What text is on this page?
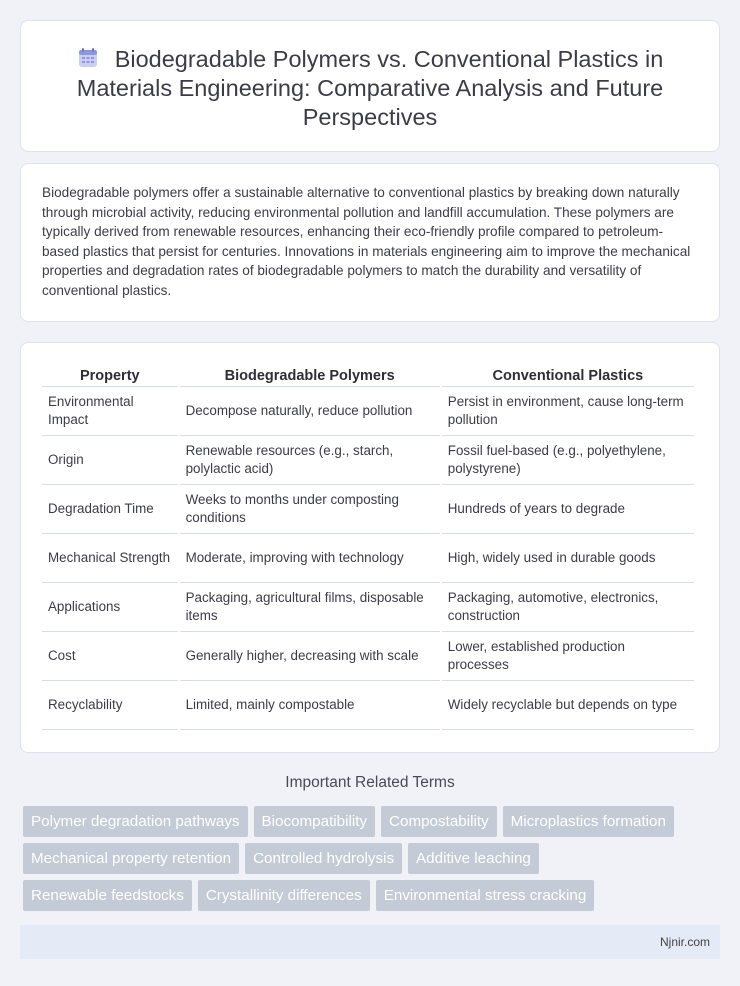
Biodegradable Polymers vs. Conventional Plastics in Materials Engineering: Comparative Analysis and Future Perspectives

Biodegradable polymers offer a sustainable alternative to conventional plastics by breaking down naturally through microbial activity, reducing environmental pollution and landfill accumulation. These polymers are typically derived from renewable resources, enhancing their eco-friendly profile compared to petroleum-based plastics that persist for centuries. Innovations in materials engineering aim to improve the mechanical properties and degradation rates of biodegradable polymers to match the durability and versatility of conventional plastics.

Property	Biodegradable Polymers	Conventional Plastics
Environmental Impact	Decompose naturally, reduce pollution	Persist in environment, cause long-term pollution
Origin	Renewable resources (e.g., starch, polylactic acid)	Fossil fuel-based (e.g., polyethylene, polystyrene)
Degradation Time	Weeks to months under composting conditions	Hundreds of years to degrade
Mechanical Strength	Moderate, improving with technology	High, widely used in durable goods
Applications	Packaging, agricultural films, disposable items	Packaging, automotive, electronics, construction
Cost	Generally higher, decreasing with scale	Lower, established production processes
Recyclability	Limited, mainly compostable	Widely recyclable but depends on type
Important Related Terms
Polymer degradation pathways	Biocompatibility	Compostability	Microplastics formation
Mechanical property retention	Controlled hydrolysis	Additive leaching
Renewable feedstocks	Crystallinity differences	Environmental stress cracking
Njnir.com
